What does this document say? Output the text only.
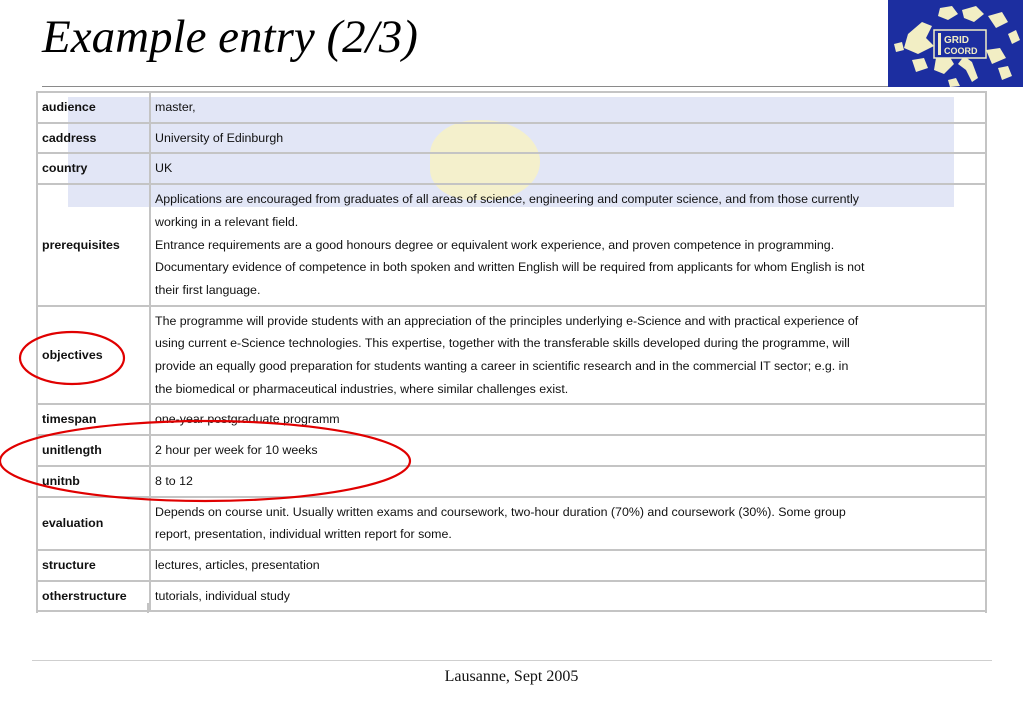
Example entry (2/3)	GRID
COORD
audience	master,

caddress	University of Edinburgh

country	UK

prerequisites	Applications are encouraged from graduates of all areas of science, engineering and computer science, and from those currently
working in a relevant field.
Entrance requirements are a good honours degree or equivalent work experience, and proven competence in programming.
Documentary evidence of competence in both spoken and written English will be required from applicants for whom English is not
their first language.

objectives	The programme will provide students with an appreciation of the principles underlying e-Science and with practical experience of
using current e-Science technologies. This expertise, together with the transferable skills developed during the programme, will
provide an equally good preparation for students wanting a career in scientific research and in the commercial IT sector; e.g. in
the biomedical or pharmaceutical industries, where similar challenges exist.

timespan	one-year postgraduate programm

unitlength	2 hour per week for 10 weeks

unitnb	8 to 12

evaluation	Depends on course unit. Usually written exams and coursework, two-hour duration (70%) and coursework (30%). Some group
report, presentation, individual written report for some.

structure	lectures, articles, presentation

otherstructure	tutorials, individual study
Lausanne, Sept 2005
